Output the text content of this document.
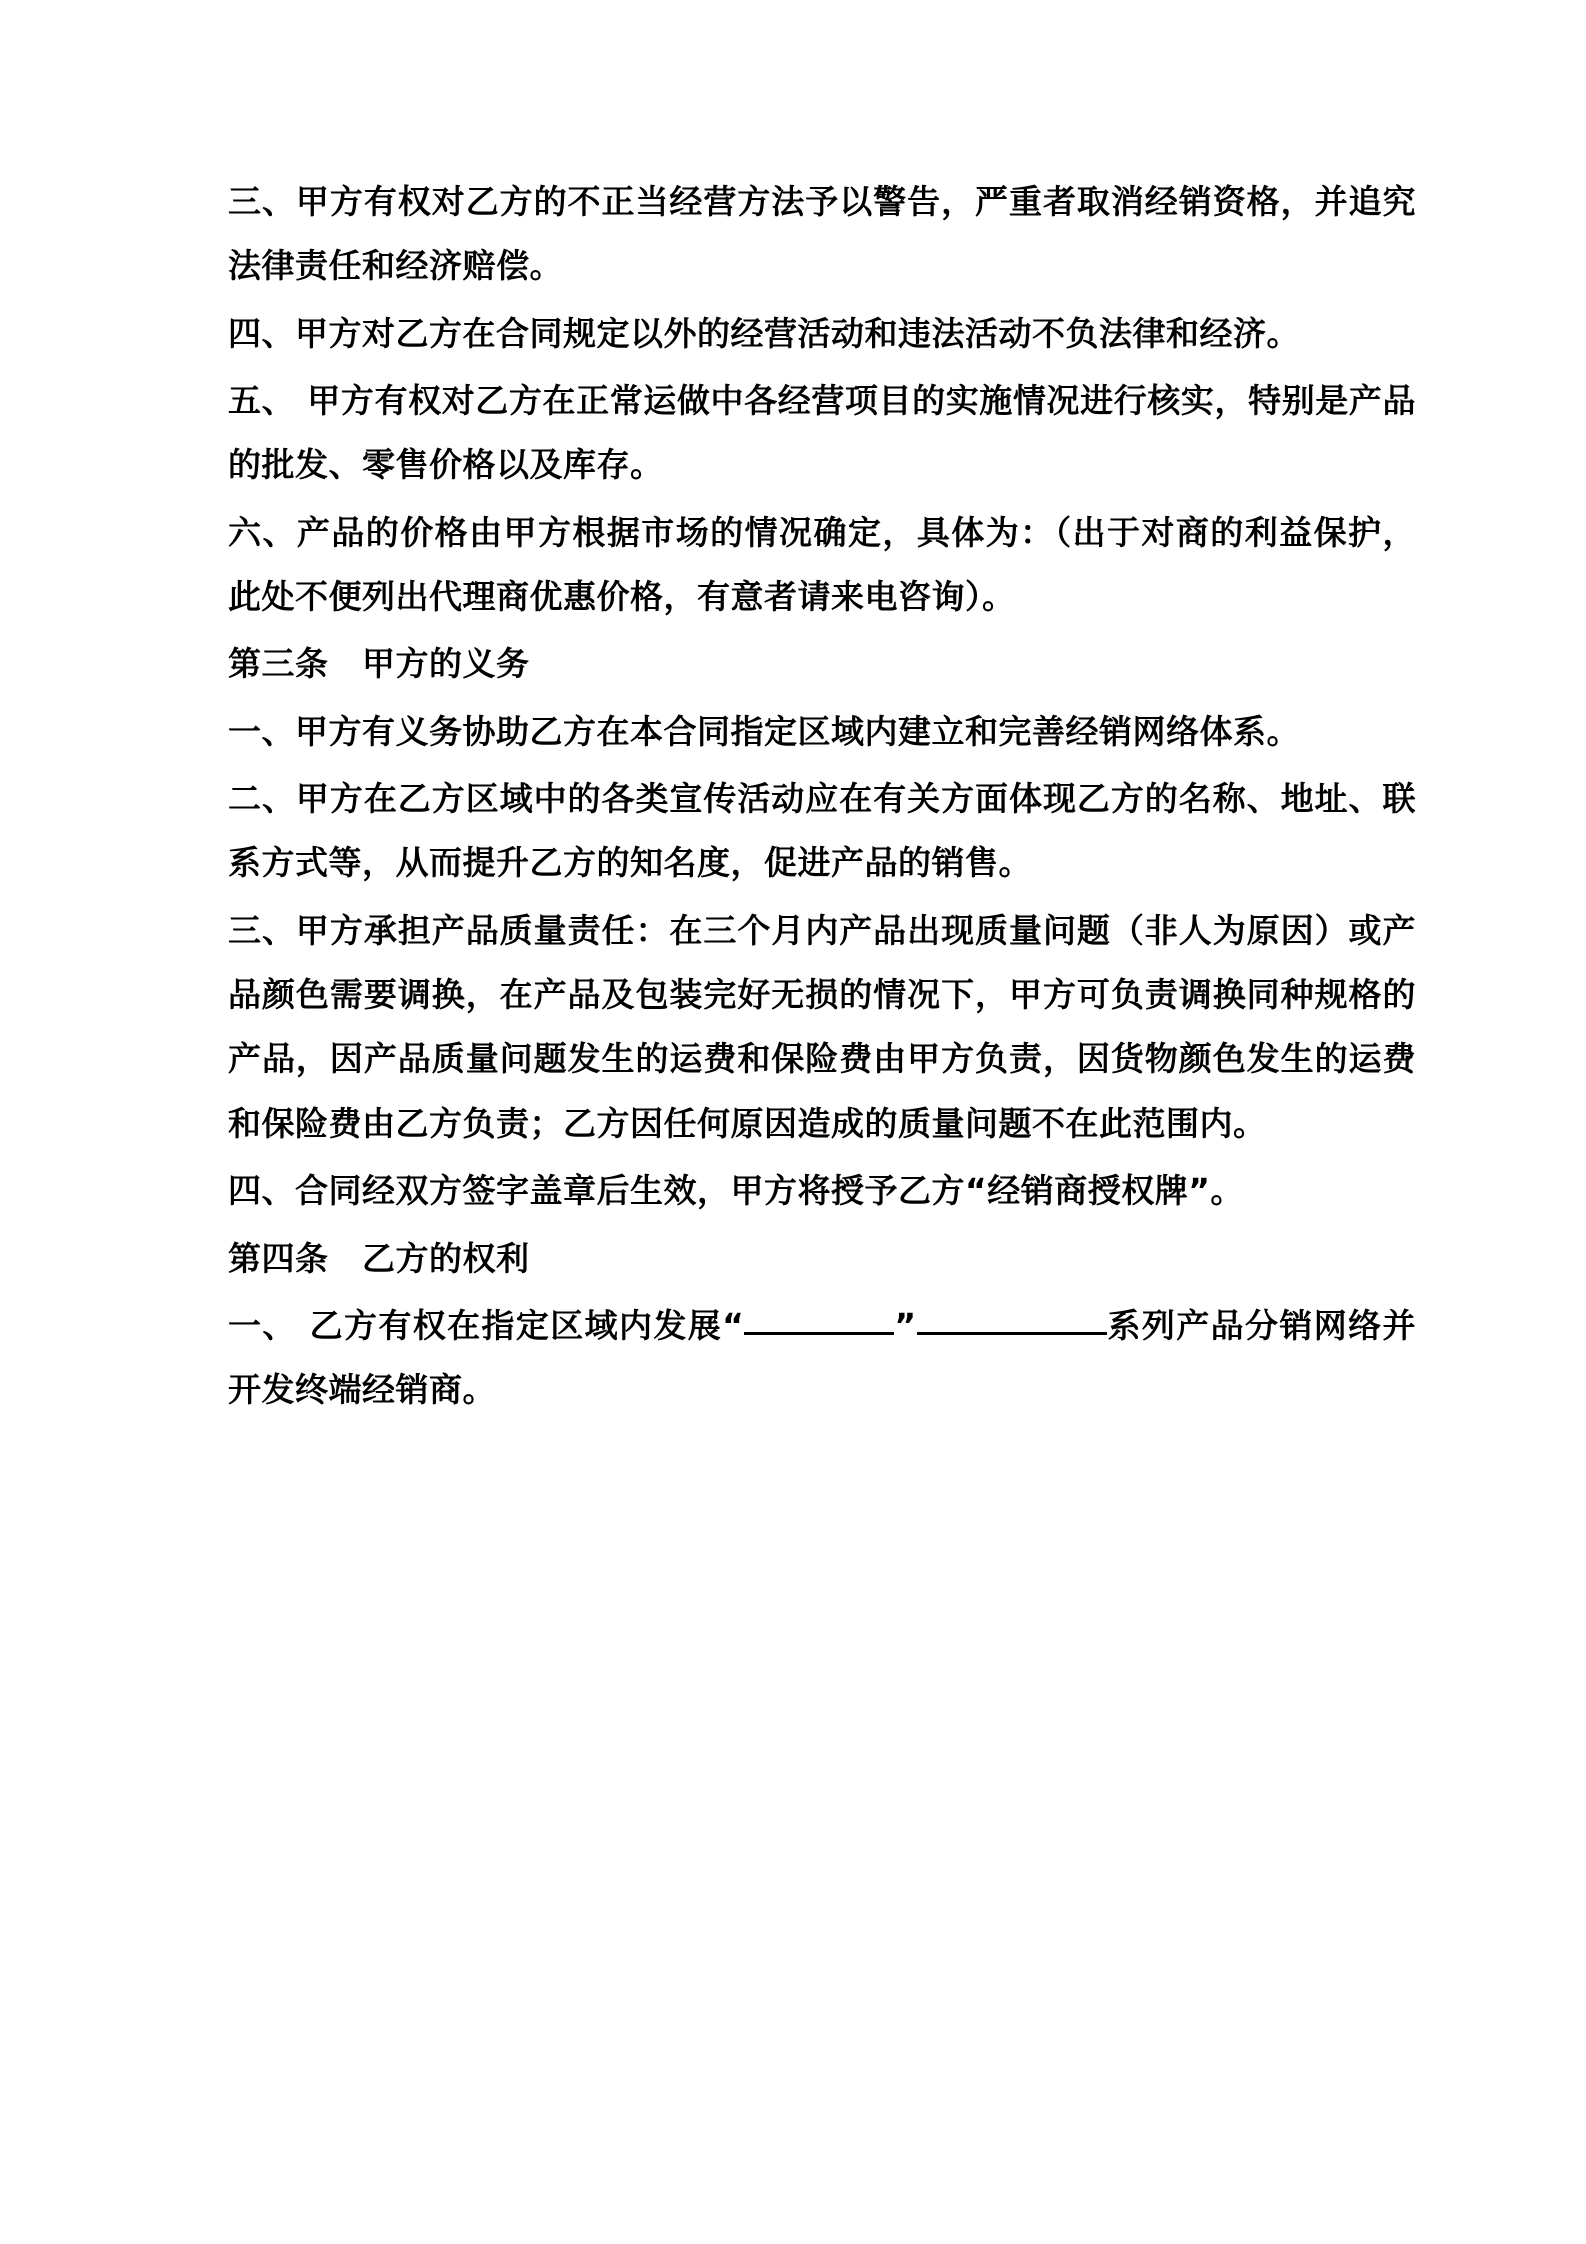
三、甲方有权对乙方的不正当经营方法予以警告，严重者取消经销资格，并追究法律责任和经济赔偿。

四、甲方对乙方在合同规定以外的经营活动和违法活动不负法律和经济。

五、 甲方有权对乙方在正常运做中各经营项目的实施情况进行核实，特别是产品的批发、零售价格以及库存。

六、产品的价格由甲方根据市场的情况确定，具体为：（出于对商的利益保护，此处不便列出代理商优惠价格，有意者请来电咨询）。

第三条　甲方的义务

一、甲方有义务协助乙方在本合同指定区域内建立和完善经销网络体系。

二、甲方在乙方区域中的各类宣传活动应在有关方面体现乙方的名称、地址、联系方式等，从而提升乙方的知名度，促进产品的销售。

三、甲方承担产品质量责任：在三个月内产品出现质量问题（非人为原因）或产品颜色需要调换，在产品及包装完好无损的情况下，甲方可负责调换同种规格的产品，因产品质量问题发生的运费和保险费由甲方负责，因货物颜色发生的运费和保险费由乙方负责；乙方因任何原因造成的质量问题不在此范围内。

四、合同经双方签字盖章后生效，甲方将授予乙方“经销商授权牌”。

第四条　乙方的权利

一、 乙方有权在指定区域内发展“	”	系列产品分销网络并开发终端经销商。
